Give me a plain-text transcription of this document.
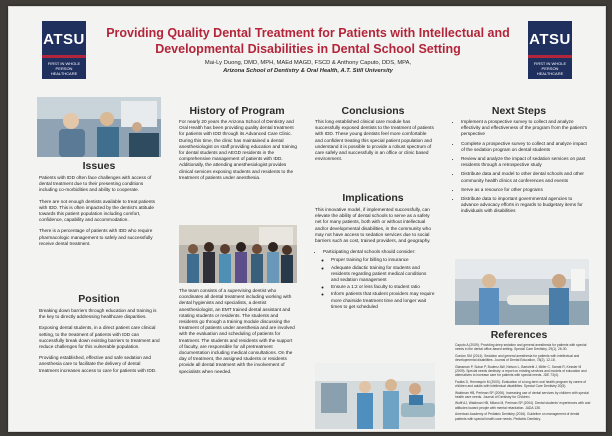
ATSU
FIRST IN WHOLE PERSON HEALTHCARE
ATSU
FIRST IN WHOLE PERSON HEALTHCARE
Providing Quality Dental Treatment for Patients with Intellectual and
Developmental Disabilities in Dental School Setting
Mai-Ly Duong, DMD, MPH, MAEd MAGD, FSCD & Anthony Caputo, DDS, MPA,
Arizona School of Dentistry & Oral Health, A.T. Still University
Issues

Patients with IDD often face challenges with access of dental treatment due to their presenting conditions including co-morbidities and ability to cooperate.

There are not enough dentists available to treat patients with IDD. This is often impacted by the dentist’s attitude towards this patient population including comfort, confidence, capability and accommodation.

There is a percentage of patients with IDD who require pharmacologic management to safely and successfully receive dental treatment.

Position

Breaking down barriers through education and training is the key to directly addressing healthcare disparities.

Exposing dental students, in a direct patient care clinical setting, to the treatment of patients with IDD can successfully break down existing barriers to treatment and reduce challenges for this vulnerable population.

Providing established, effective and safe sedation and anesthesia care to facilitate the delivery of dental treatment increases access to care for patients with IDD.

History of Program

For nearly 20 years the Arizona School of Dentistry and Oral Health has been providing quality dental treatment for patients with IDD through its Advanced Care Clinic. During this time, the clinic has maintained a dental anesthesiologist on staff providing education and training for dental students and AEGD residents in the comprehensive management of patients with IDD. Additionally, the attending anesthesiologist provides clinical services exposing students and residents to the treatment of patients under anesthesia.

The team consists of a supervising dentist who coordinates all dental treatment including working with dental hygienists and specialists, a dentist anesthesiologist, an EMT trained dental assistant and rotating students or residents. The students and residents go through a training module discussing the treatment of patients under anesthesia and are involved with the evaluation and scheduling of patients for treatment. The students and residents with the support of faculty, are responsible for all pretreatment documentation including medical consultations. On the day of treatment, the assigned students or residents provide all dental treatment with the involvement of specialists when needed.

Conclusions

This long established clinical care module has successfully exposed dentists to the treatment of patients with IDD. These young dentists feel more comfortable and confident treating this special patient population and understand it is possible to provide a robust spectrum of care safely and successfully in an office or clinic based environment.

Implications

This innovative model, if implemented successfully, can elevate the ability of dental schools to serve as a safety net for many patients, both with or without intellectual and/or developmental disabilities, in the community who may not have access to sedation services due to social barriers such as cost, trained providers, and geography.

• Participating dental schools should consider:
◦ Proper training for billing to insurance
◦ Adequate didactic training for students and residents regarding patient medical conditions and sedation management
◦ Ensure a 1:2 or less faculty to student ratio
◦ Inform patients that student providers may require more chairside treatment time and longer wait times to get scheduled
Next Steps
• Implement a prospective survey to collect and analyze effectivity and effectiveness of the program from the patient’s perspective
• Complete a prospective survey to collect and analyze impact of the sedation program on dental students
• Review and analyze the impact of sedation services on past residents through a retrospective study
• Distribute data and model to other dental schools and other community health clinics at conferences and events
• Serve as a resource for other programs
• Distribute data to important governmental agencies to advance advocacy efforts in regards to budgetary items for individuals with disabilities
References

Caputo A (2009). Providing deep sedation and general anesthesia for patients with special needs in the dental office-based setting. Special Care Dentistry, 29(1), 26-30.

Gordon SM (2014). Sedation and general anesthesia for patients with intellectual and developmental disabilities. Journal of Dental Education, 78(2), 12-18.

Glassman P, Subar P, Budenz AW, Nelson L, Bartoletti J, Miller C, Sarnat R, Kessler M (2009). Special needs dentistry: a report on existing services and models of education and alternatives to increase care for patients with special needs. JDE 73(4).

Faulks D, Hennequin M (2000). Evaluation of a long-term oral health program by carers of children and adults with intellectual disabilities. Special Care Dentistry 20(5).

Waldman HB, Perlman SP (2006). Increasing use of dental services by children with special health care needs. Journal of Dentistry for Children.

Wolff AJ, Waldman HB, Milano M, Perlman SP (2004). Dental students’ experiences with and attitudes toward people with mental retardation. JADA 135.

American Academy of Pediatric Dentistry (2016). Guideline on management of dental patients with special health care needs. Pediatric Dentistry.
